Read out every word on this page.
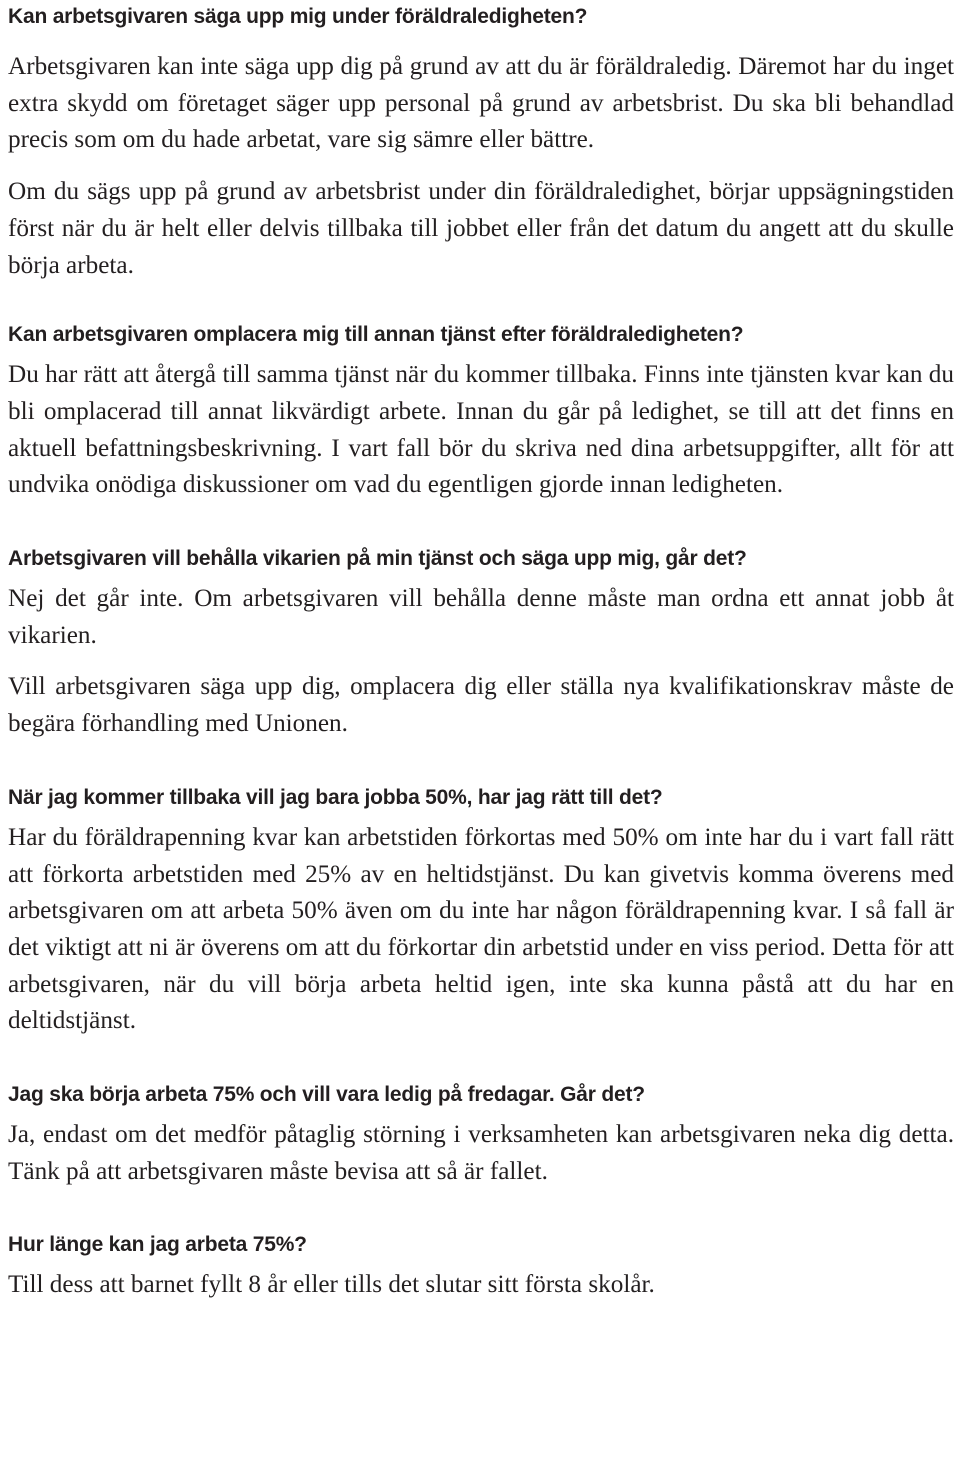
Kan arbetsgivaren säga upp mig under föräldraledigheten?

Arbetsgivaren kan inte säga upp dig på grund av att du är föräldraledig. Däremot har du inget extra skydd om företaget säger upp personal på grund av arbetsbrist. Du ska bli behandlad precis som om du hade arbetat, vare sig sämre eller bättre.

Om du sägs upp på grund av arbetsbrist under din föräldraledighet, börjar uppsägningstiden först när du är helt eller delvis tillbaka till jobbet eller från det datum du angett att du skulle börja arbeta.

Kan arbetsgivaren omplacera mig till annan tjänst efter föräldraledigheten?

Du har rätt att återgå till samma tjänst när du kommer tillbaka. Finns inte tjänsten kvar kan du bli omplacerad till annat likvärdigt arbete. Innan du går på ledighet, se till att det finns en aktuell befattningsbeskrivning. I vart fall bör du skriva ned dina arbetsuppgifter, allt för att undvika onödiga diskussioner om vad du egentligen gjorde innan ledigheten.

Arbetsgivaren vill behålla vikarien på min tjänst och säga upp mig, går det?

Nej det går inte. Om arbetsgivaren vill behålla denne måste man ordna ett annat jobb åt vikarien.

Vill arbetsgivaren säga upp dig, omplacera dig eller ställa nya kvalifikationskrav måste de begära förhandling med Unionen.

När jag kommer tillbaka vill jag bara jobba 50%, har jag rätt till det?

Har du föräldrapenning kvar kan arbetstiden förkortas med 50% om inte har du i vart fall rätt att förkorta arbetstiden med 25% av en heltidstjänst. Du kan givetvis komma överens med arbetsgivaren om att arbeta 50% även om du inte har någon föräldrapenning kvar. I så fall är det viktigt att ni är överens om att du förkortar din arbetstid under en viss period. Detta för att arbetsgivaren, när du vill börja arbeta heltid igen, inte ska kunna påstå att du har en deltidstjänst.

Jag ska börja arbeta 75% och vill vara ledig på fredagar. Går det?

Ja, endast om det medför påtaglig störning i verksamheten kan arbetsgivaren neka dig detta. Tänk på att arbetsgivaren måste bevisa att så är fallet.

Hur länge kan jag arbeta 75%?

Till dess att barnet fyllt 8 år eller tills det slutar sitt första skolår.
